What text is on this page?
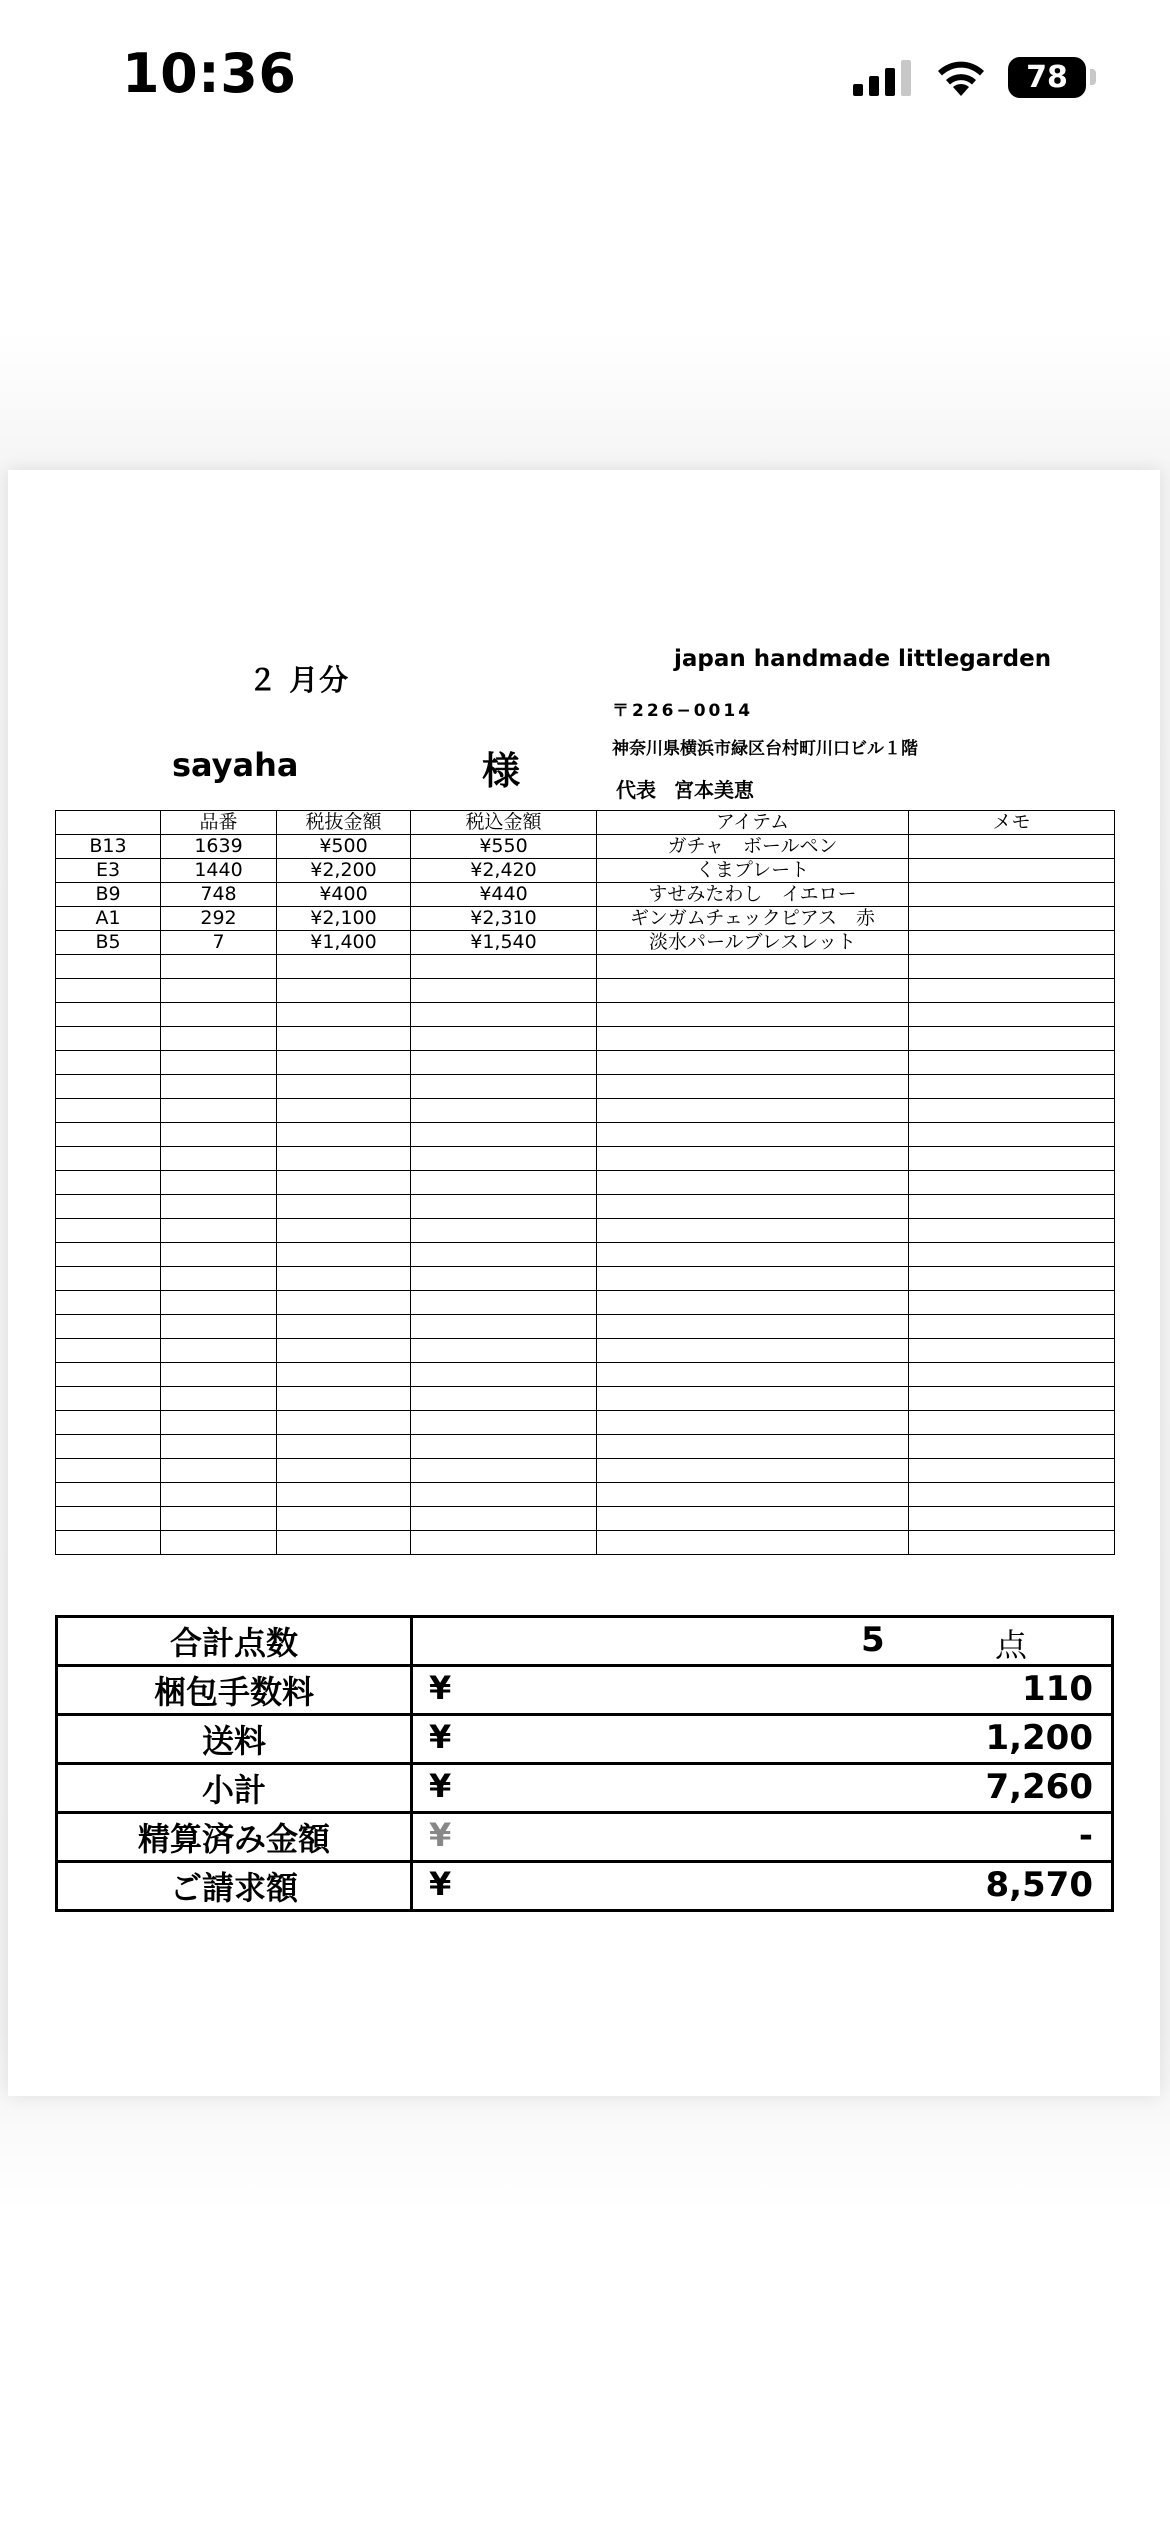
10:36	78
２ 月分
sayaha	様
japan handmade littlegarden
〒226−0014
神奈川県横浜市緑区台村町川口ビル１階
代表 宮本美恵
	品番	税抜金額	税込金額	アイテム	メモ
B13	1639	¥500	¥550	ガチャ　ボールペン	
E3	1440	¥2,200	¥2,420	くまプレート	
B9	748	¥400	¥440	すせみたわし　イエロー	
A1	292	¥2,100	¥2,310	ギンガムチェックピアス　赤	
B5	7	¥1,400	¥1,540	淡水パールブレスレット	

合計点数	5 点

梱包手数料	¥ 110

送料	¥ 1,200

小計	¥ 7,260

精算済み金額	¥ -

ご請求額	¥ 8,570
